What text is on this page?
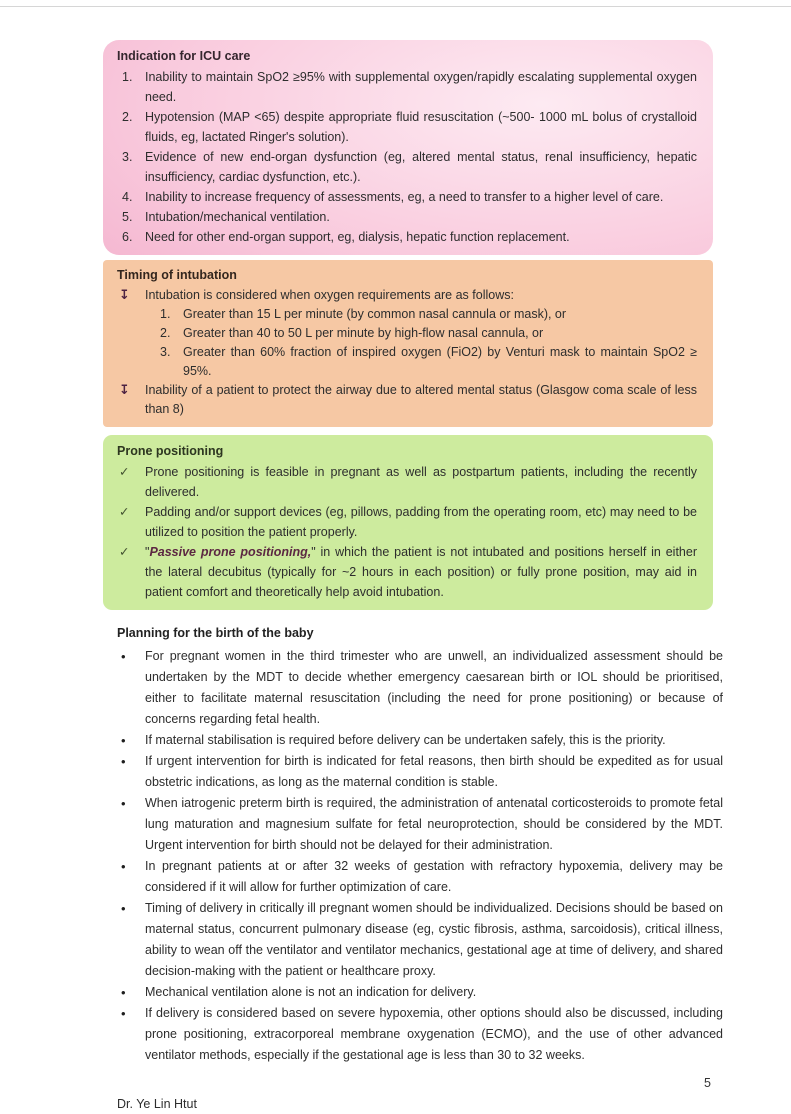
Indication for ICU care
1.	Inability to maintain SpO2 ≥95% with supplemental oxygen/rapidly escalating supplemental oxygen need.
2.	Hypotension (MAP <65) despite appropriate fluid resuscitation (~500- 1000 mL bolus of crystalloid fluids, eg, lactated Ringer's solution).
3.	Evidence of new end-organ dysfunction (eg, altered mental status, renal insufficiency, hepatic insufficiency, cardiac dysfunction, etc.).
4.	Inability to increase frequency of assessments, eg, a need to transfer to a higher level of care.
5.	Intubation/mechanical ventilation.
6.	Need for other end-organ support, eg, dialysis, hepatic function replacement.
Timing of intubation
↧	Intubation is considered when oxygen requirements are as follows:
1.	Greater than 15 L per minute (by common nasal cannula or mask), or
2.	Greater than 40 to 50 L per minute by high-flow nasal cannula, or
3.	Greater than 60% fraction of inspired oxygen (FiO2) by Venturi mask to maintain SpO2 ≥ 95%.
↧	Inability of a patient to protect the airway due to altered mental status (Glasgow coma scale of less than 8)
Prone positioning
✓	Prone positioning is feasible in pregnant as well as postpartum patients, including the recently delivered.
✓	Padding and/or support devices (eg, pillows, padding from the operating room, etc) may need to be utilized to position the patient properly.
✓	"Passive prone positioning," in which the patient is not intubated and positions herself in either the lateral decubitus (typically for ~2 hours in each position) or fully prone position, may aid in patient comfort and theoretically help avoid intubation.
Planning for the birth of the baby
•	For pregnant women in the third trimester who are unwell, an individualized assessment should be undertaken by the MDT to decide whether emergency caesarean birth or IOL should be prioritised, either to facilitate maternal resuscitation (including the need for prone positioning) or because of concerns regarding fetal health.
•	If maternal stabilisation is required before delivery can be undertaken safely, this is the priority.
•	If urgent intervention for birth is indicated for fetal reasons, then birth should be expedited as for usual obstetric indications, as long as the maternal condition is stable.
•	When iatrogenic preterm birth is required, the administration of antenatal corticosteroids to promote fetal lung maturation and magnesium sulfate for fetal neuroprotection, should be considered by the MDT. Urgent intervention for birth should not be delayed for their administration.
•	In pregnant patients at or after 32 weeks of gestation with refractory hypoxemia, delivery may be considered if it will allow for further optimization of care.
•	Timing of delivery in critically ill pregnant women should be individualized. Decisions should be based on maternal status, concurrent pulmonary disease (eg, cystic fibrosis, asthma, sarcoidosis), critical illness, ability to wean off the ventilator and ventilator mechanics, gestational age at time of delivery, and shared decision-making with the patient or healthcare proxy.
•	Mechanical ventilation alone is not an indication for delivery.
•	If delivery is considered based on severe hypoxemia, other options should also be discussed, including prone positioning, extracorporeal membrane oxygenation (ECMO), and the use of other advanced ventilator methods, especially if the gestational age is less than 30 to 32 weeks.
5
Dr. Ye Lin Htut
